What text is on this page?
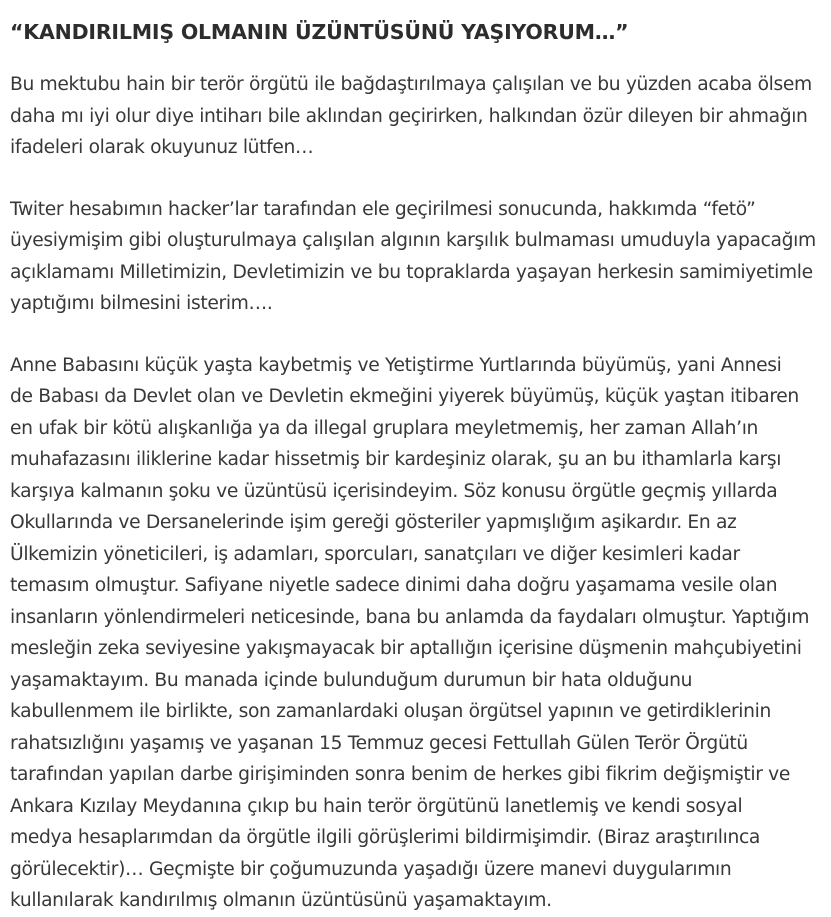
“KANDIRILMIŞ OLMANIN ÜZÜNTÜSÜNÜ YAŞIYORUM…”
Bu mektubu hain bir terör örgütü ile bağdaştırılmaya çalışılan ve bu yüzden acaba ölsem
daha mı iyi olur diye intiharı bile aklından geçirirken, halkından özür dileyen bir ahmağın
ifadeleri olarak okuyunuz lütfen…
Twiter hesabımın hacker’lar tarafından ele geçirilmesi sonucunda, hakkımda “fetö”
üyesiymişim gibi oluşturulmaya çalışılan algının karşılık bulmaması umuduyla yapacağım
açıklamamı Milletimizin, Devletimizin ve bu topraklarda yaşayan herkesin samimiyetimle
yaptığımı bilmesini isterim….
Anne Babasını küçük yaşta kaybetmiş ve Yetiştirme Yurtlarında büyümüş, yani Annesi
de Babası da Devlet olan ve Devletin ekmeğini yiyerek büyümüş, küçük yaştan itibaren
en ufak bir kötü alışkanlığa ya da illegal gruplara meyletmemiş, her zaman Allah’ın
muhafazasını iliklerine kadar hissetmiş bir kardeşiniz olarak, şu an bu ithamlarla karşı
karşıya kalmanın şoku ve üzüntüsü içerisindeyim. Söz konusu örgütle geçmiş yıllarda
Okullarında ve Dersanelerinde işim gereği gösteriler yapmışlığım aşikardır. En az
Ülkemizin yöneticileri, iş adamları, sporcuları, sanatçıları ve diğer kesimleri kadar
temasım olmuştur. Safiyane niyetle sadece dinimi daha doğru yaşamama vesile olan
insanların yönlendirmeleri neticesinde, bana bu anlamda da faydaları olmuştur. Yaptığım
mesleğin zeka seviyesine yakışmayacak bir aptallığın içerisine düşmenin mahçubiyetini
yaşamaktayım. Bu manada içinde bulunduğum durumun bir hata olduğunu
kabullenmem ile birlikte, son zamanlardaki oluşan örgütsel yapının ve getirdiklerinin
rahatsızlığını yaşamış ve yaşanan 15 Temmuz gecesi Fettullah Gülen Terör Örgütü
tarafından yapılan darbe girişiminden sonra benim de herkes gibi fikrim değişmiştir ve
Ankara Kızılay Meydanına çıkıp bu hain terör örgütünü lanetlemiş ve kendi sosyal
medya hesaplarımdan da örgütle ilgili görüşlerimi bildirmişimdir. (Biraz araştırılınca
görülecektir)… Geçmişte bir çoğumuzunda yaşadığı üzere manevi duygularımın
kullanılarak kandırılmış olmanın üzüntüsünü yaşamaktayım.
